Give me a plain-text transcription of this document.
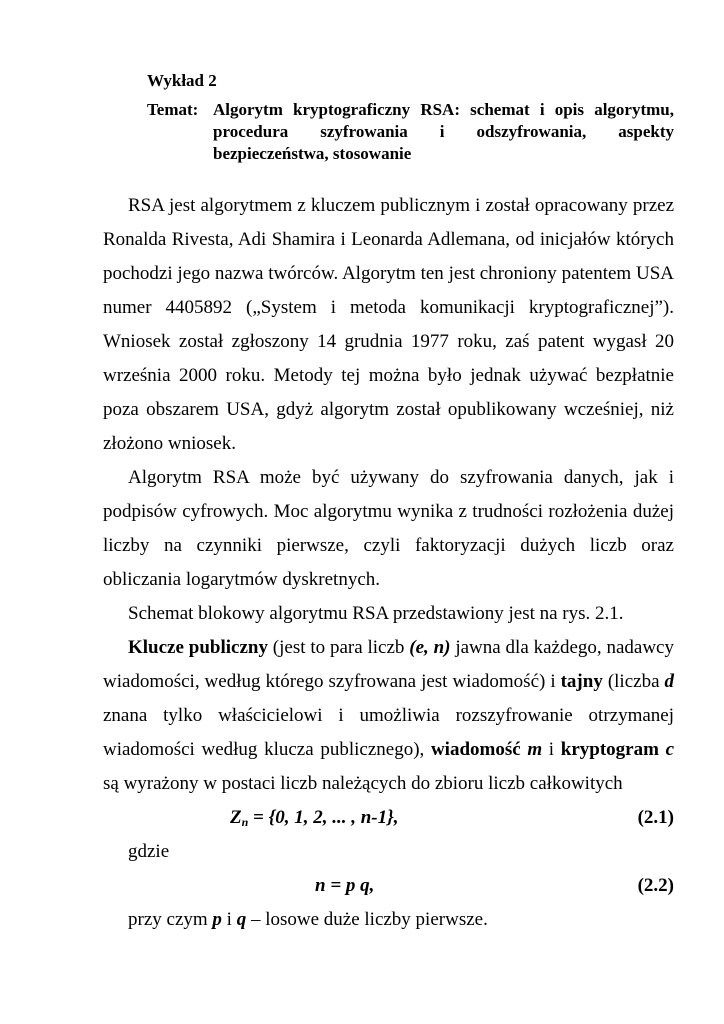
Wykład 2
Temat: Algorytm kryptograficzny RSA: schemat i opis algorytmu, procedura szyfrowania i odszyfrowania, aspekty bezpieczeństwa, stosowanie

RSA jest algorytmem z kluczem publicznym i został opracowany przez Ronalda Rivesta, Adi Shamira i Leonarda Adlemana, od inicjałów których pochodzi jego nazwa twórców. Algorytm ten jest chroniony patentem USA numer 4405892 („System i metoda komunikacji kryptograficznej”). Wniosek został zgłoszony 14 grudnia 1977 roku, zaś patent wygasł 20 września 2000 roku. Metody tej można było jednak używać bezpłatnie poza obszarem USA, gdyż algorytm został opublikowany wcześniej, niż złożono wniosek.

Algorytm RSA może być używany do szyfrowania danych, jak i podpisów cyfrowych. Moc algorytmu wynika z trudności rozłożenia dużej liczby na czynniki pierwsze, czyli faktoryzacji dużych liczb oraz obliczania logarytmów dyskretnych.

Schemat blokowy algorytmu RSA przedstawiony jest na rys. 2.1.

Klucze publiczny (jest to para liczb (e, n) jawna dla każdego, nadawcy wiadomości, według którego szyfrowana jest wiadomość) i tajny (liczba d znana tylko właścicielowi i umożliwia rozszyfrowanie otrzymanej wiadomości według klucza publicznego), wiadomość m i kryptogram c są wyrażony w postaci liczb należących do zbioru liczb całkowitych

$Z_n = \{0$, 1, 2, ... , n-1},	(2.1)

gdzie

n = p q,	(2.2)

przy czym p i q – losowe duże liczby pierwsze.
